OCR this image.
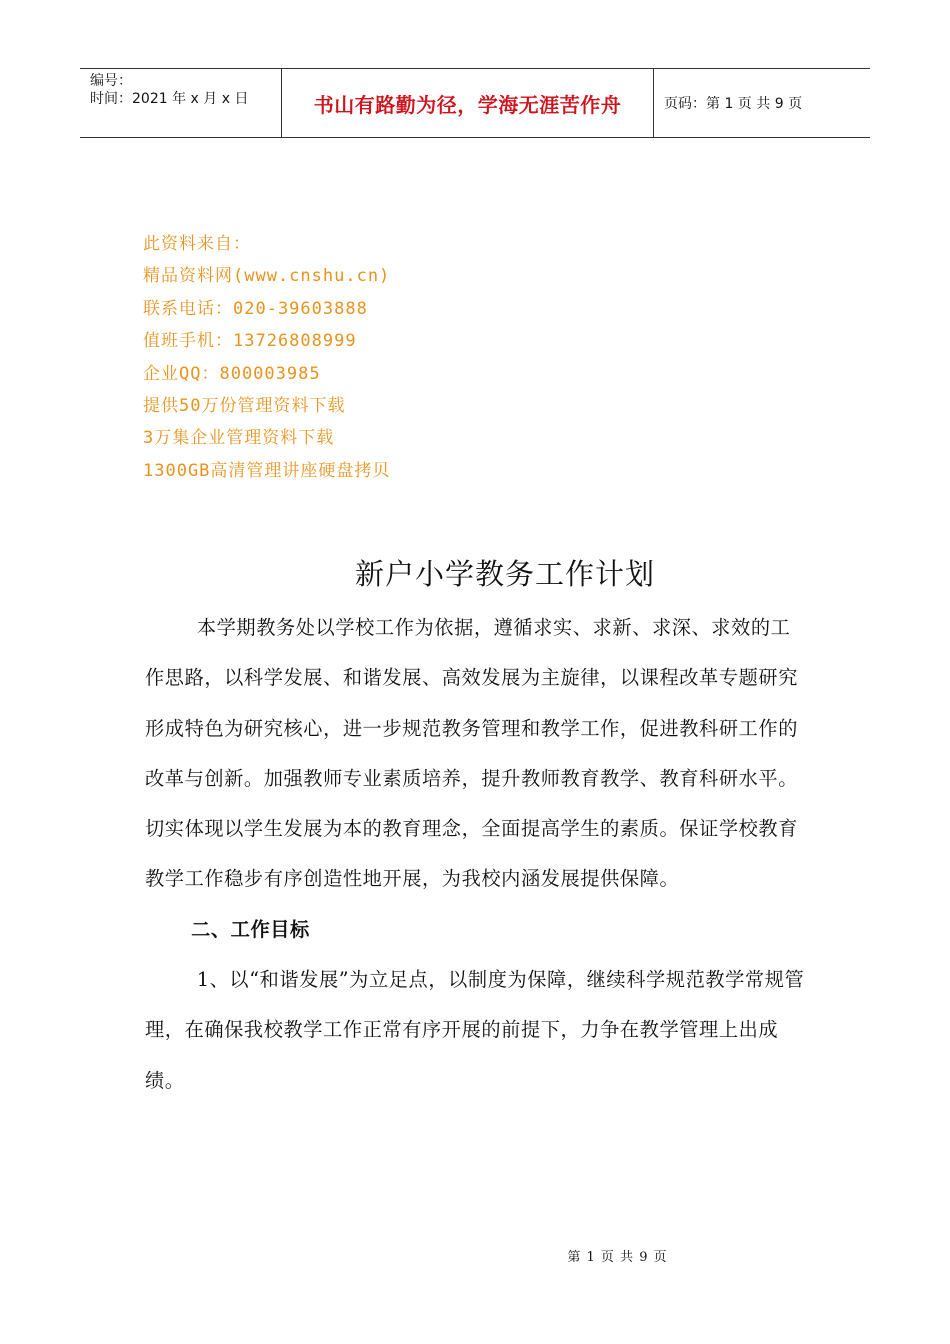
编号：
时间：2021 年 x 月 x 日	书山有路勤为径，学海无涯苦作舟	页码：第 1 页 共 9 页
此资料来自：
精品资料网(www.cnshu.cn)
联系电话：020-39603888
值班手机：13726808999
企业QQ：800003985
提供50万份管理资料下载
3万集企业管理资料下载
1300GB高清管理讲座硬盘拷贝
新户小学教务工作计划

本学期教务处以学校工作为依据，遵循求实、求新、求深、求效的工作思路，以科学发展、和谐发展、高效发展为主旋律，以课程改革专题研究形成特色为研究核心，进一步规范教务管理和教学工作，促进教科研工作的改革与创新。加强教师专业素质培养，提升教师教育教学、教育科研水平。切实体现以学生发展为本的教育理念，全面提高学生的素质。保证学校教育教学工作稳步有序创造性地开展，为我校内涵发展提供保障。

二、工作目标

1、以“和谐发展”为立足点，以制度为保障，继续科学规范教学常规管理，在确保我校教学工作正常有序开展的前提下，力争在教学管理上出成绩。

第 1 页 共 9 页
